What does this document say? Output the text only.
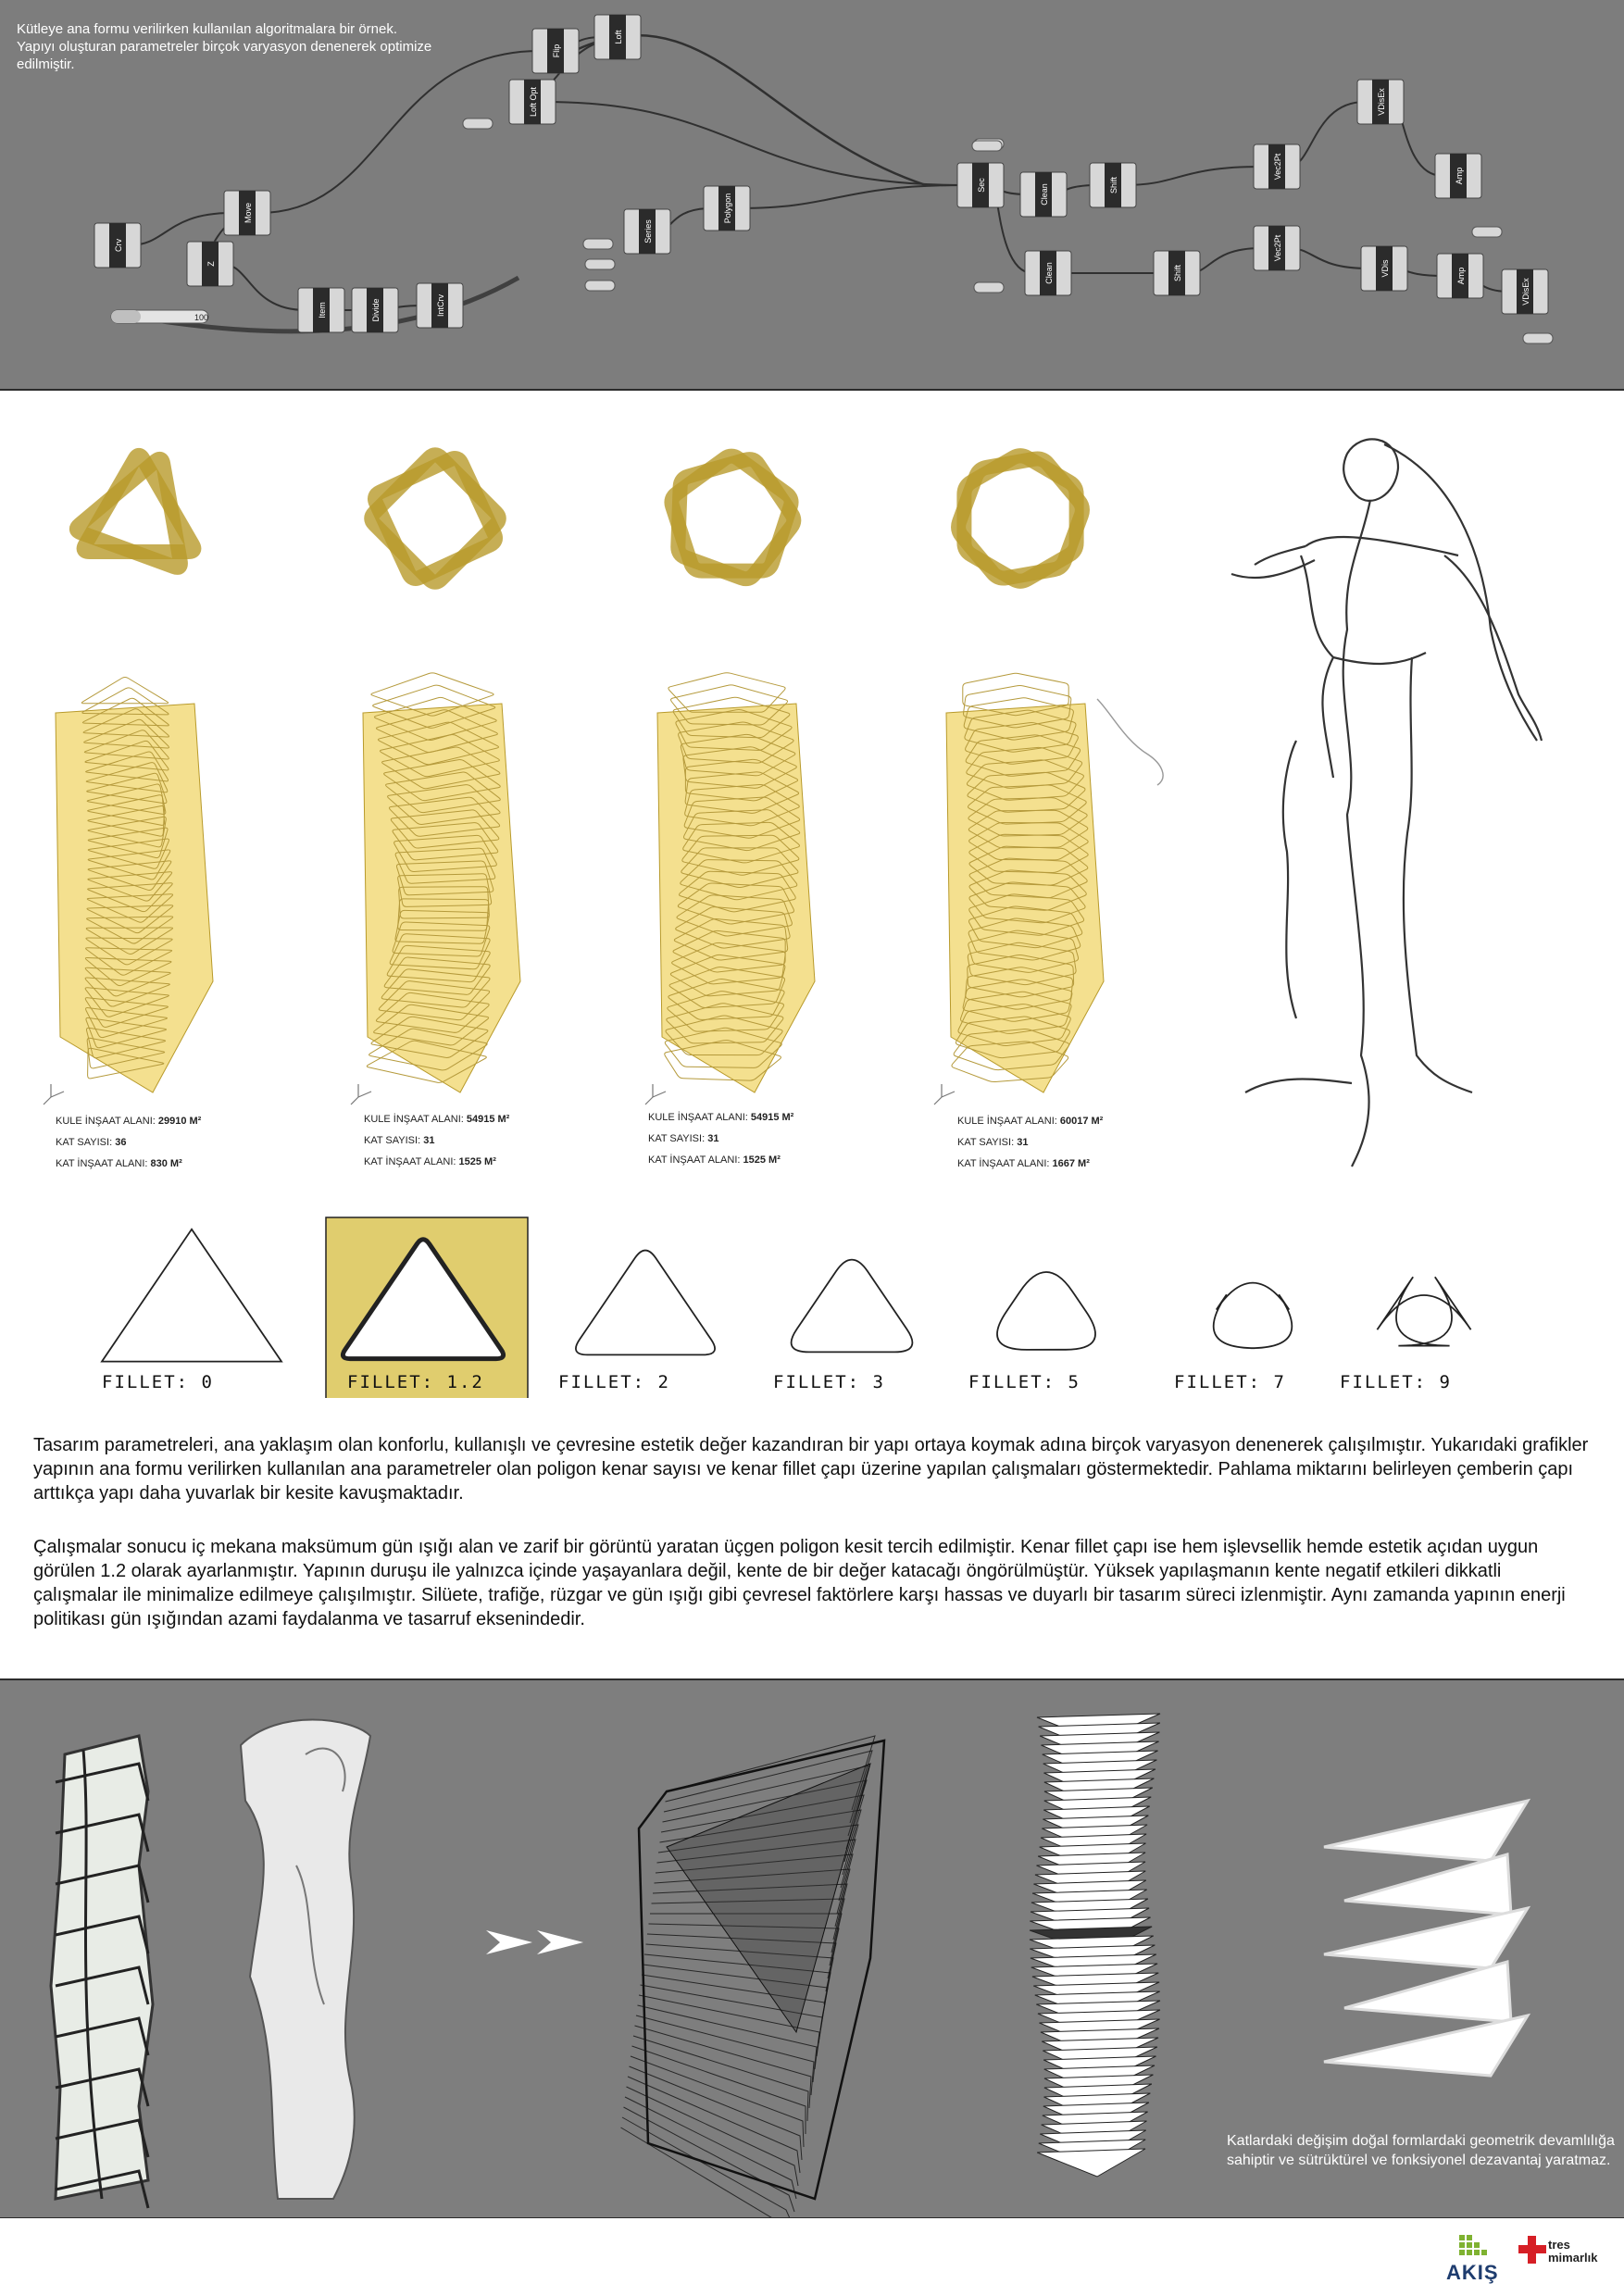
Kütleye ana formu verilirken kullanılan algoritmalara bir örnek. Yapıyı oluşturan parametreler birçok varyasyon denenerek optimize edilmiştir.
Crv
Move
Z
Item	Divide	IntCrv
Flip
Loft
Loft Opt
Series
Polygon
Sec	Clean	Shift
Vec2Pt
VDisEx
Amp
Vec2Pt
Clean	Shift	VDis	Amp
VDisEx
100
KULE İNŞAAT ALANI: 29910 M²
KAT SAYISI: 36
KAT İNŞAAT ALANI: 830 M²
KULE İNŞAAT ALANI: 54915 M²
KAT SAYISI: 31
KAT İNŞAAT ALANI: 1525 M²
KULE İNŞAAT ALANI: 54915 M²
KAT SAYISI: 31
KAT İNŞAAT ALANI: 1525 M²
KULE İNŞAAT ALANI: 60017 M²
KAT SAYISI: 31
KAT İNŞAAT ALANI: 1667 M²
FILLET: 0	FILLET: 1.2	FILLET: 2	FILLET: 3	FILLET: 5	FILLET: 7	FILLET: 9
Tasarım parametreleri, ana yaklaşım olan konforlu, kullanışlı ve çevresine estetik değer kazandıran bir yapı ortaya koymak adına birçok varyasyon denenerek çalışılmıştır. Yukarıdaki grafikler yapının ana formu verilirken kullanılan ana parametreler olan poligon kenar sayısı ve kenar fillet çapı üzerine yapılan çalışmaları göstermektedir. Pahlama miktarını belirleyen çemberin çapı arttıkça yapı daha yuvarlak bir kesite kavuşmaktadır.
Çalışmalar sonucu iç mekana maksümum gün ışığı alan ve zarif bir görüntü yaratan üçgen poligon kesit tercih edilmiştir. Kenar fillet çapı ise hem işlevsellik hemde estetik açıdan uygun görülen 1.2 olarak ayarlanmıştır. Yapının duruşu ile yalnızca içinde yaşayanlara değil, kente de bir değer katacağı öngörülmüştür. Yüksek yapılaşmanın kente negatif etkileri dikkatli çalışmalar ile minimalize edilmeye çalışılmıştır. Silüete, trafiğe, rüzgar ve gün ışığı gibi çevresel faktörlere karşı hassas ve duyarlı bir tasarım süreci izlenmiştir. Aynı zamanda yapının enerji politikası gün ışığından azami faydalanma ve tasarruf eksenindedir.
Katlardaki değişim doğal formlardaki geometrik devamlılığa sahiptir ve sütrüktürel ve fonksiyonel dezavantaj yaratmaz.
AKIŞ
tres
mimarlık
